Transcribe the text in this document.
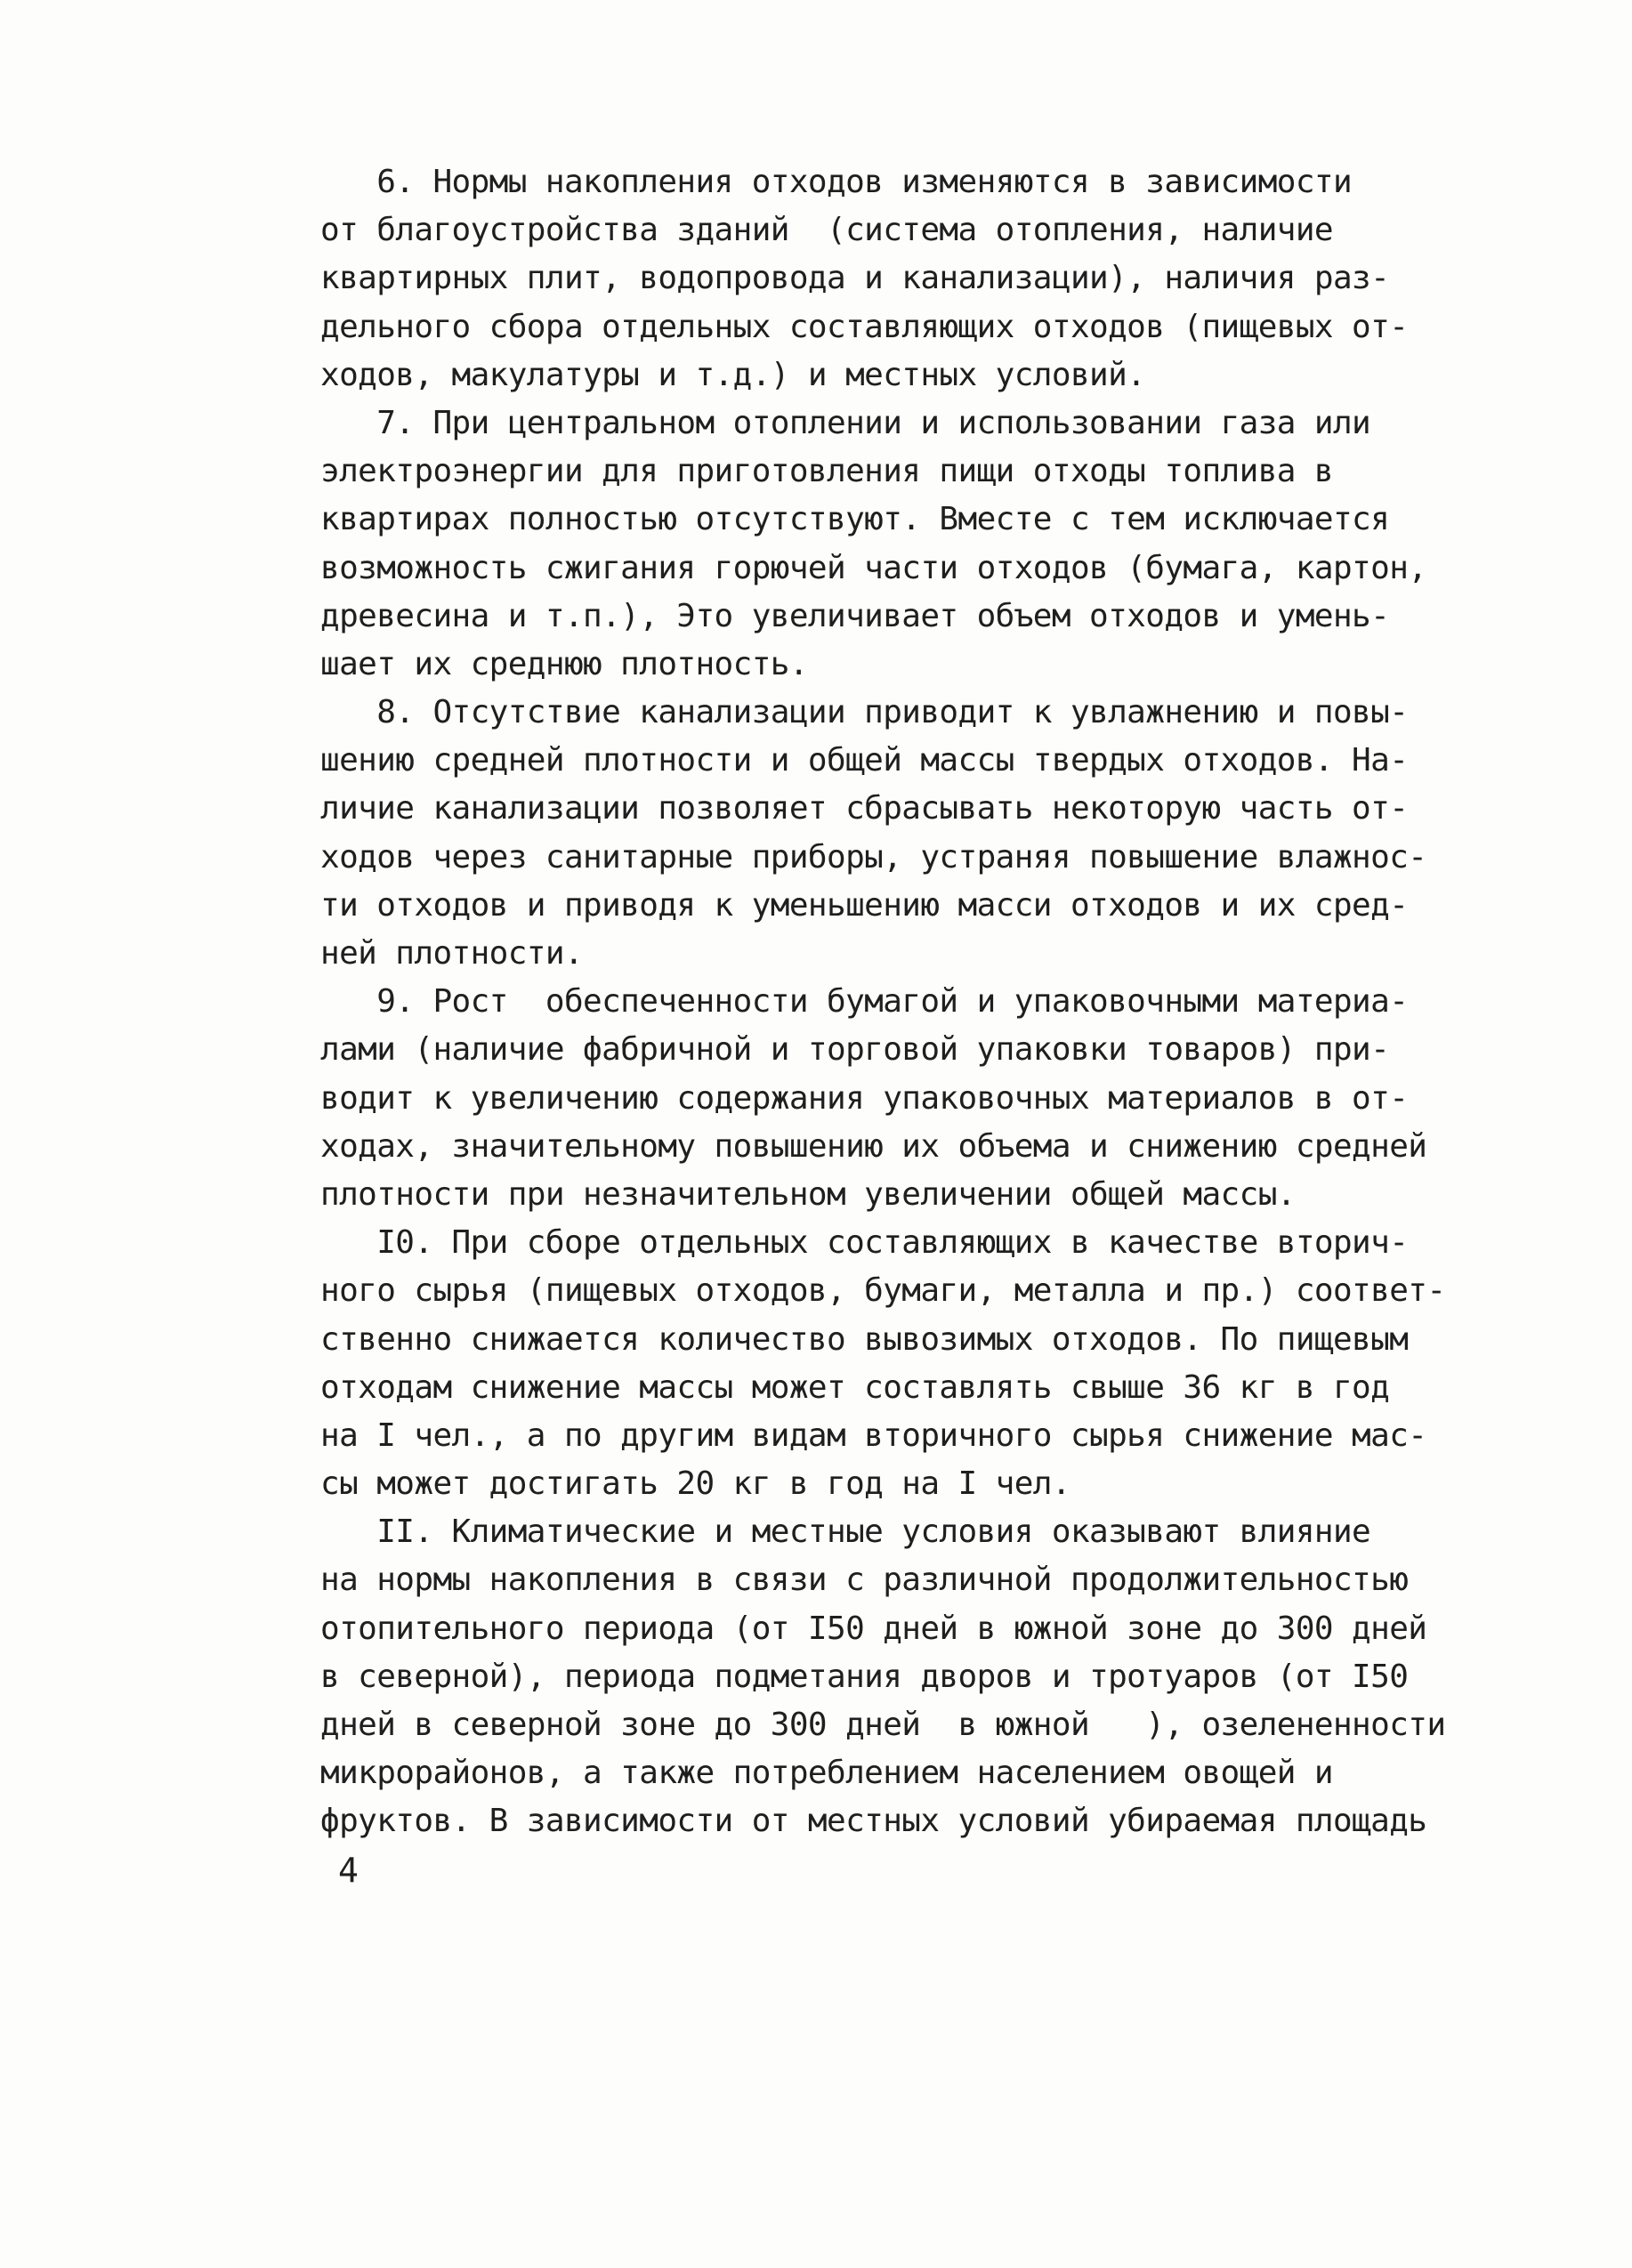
6. Нормы накопления отходов изменяются в зависимости
от благоустройства зданий  (система отопления, наличие
квартирных плит, водопровода и канализации), наличия раз-
дельного сбора отдельных составляющих отходов (пищевых от-
ходов, макулатуры и т.д.) и местных условий.
7. При центральном отоплении и использовании газа или
электроэнергии для приготовления пищи отходы топлива в
квартирах полностью отсутствуют. Вместе с тем исключается
возможность сжигания горючей части отходов (бумага, картон,
древесина и т.п.), Это увеличивает объем отходов и умень-
шает их среднюю плотность.
8. Отсутствие канализации приводит к увлажнению и повы-
шению средней плотности и общей массы твердых отходов. На-
личие канализации позволяет сбрасывать некоторую часть от-
ходов через санитарные приборы, устраняя повышение влажнос-
ти отходов и приводя к уменьшению масси отходов и их сред-
ней плотности.
9. Рост  обеспеченности бумагой и упаковочными материа-
лами (наличие фабричной и торговой упаковки товаров) при-
водит к увеличению содержания упаковочных материалов в от-
ходах, значительному повышению их объема и снижению средней
плотности при незначительном увеличении общей массы.
I0. При сборе отдельных составляющих в качестве вторич-
ного сырья (пищевых отходов, бумаги, металла и пр.) соответ-
ственно снижается количество вывозимых отходов. По пищевым
отходам снижение массы может составлять свыше 36 кг в год
на I чел., а по другим видам вторичного сырья снижение мас-
сы может достигать 20 кг в год на I чел.
II. Климатические и местные условия оказывают влияние
на нормы накопления в связи с различной продолжительностью
отопительного периода (от I50 дней в южной зоне до 300 дней
в северной), периода подметания дворов и тротуаров (от I50
дней в северной зоне до 300 дней  в южной   ), озелененности
микрорайонов, а также потреблением населением овощей и
фруктов. В зависимости от местных условий убираемая площадь
4
